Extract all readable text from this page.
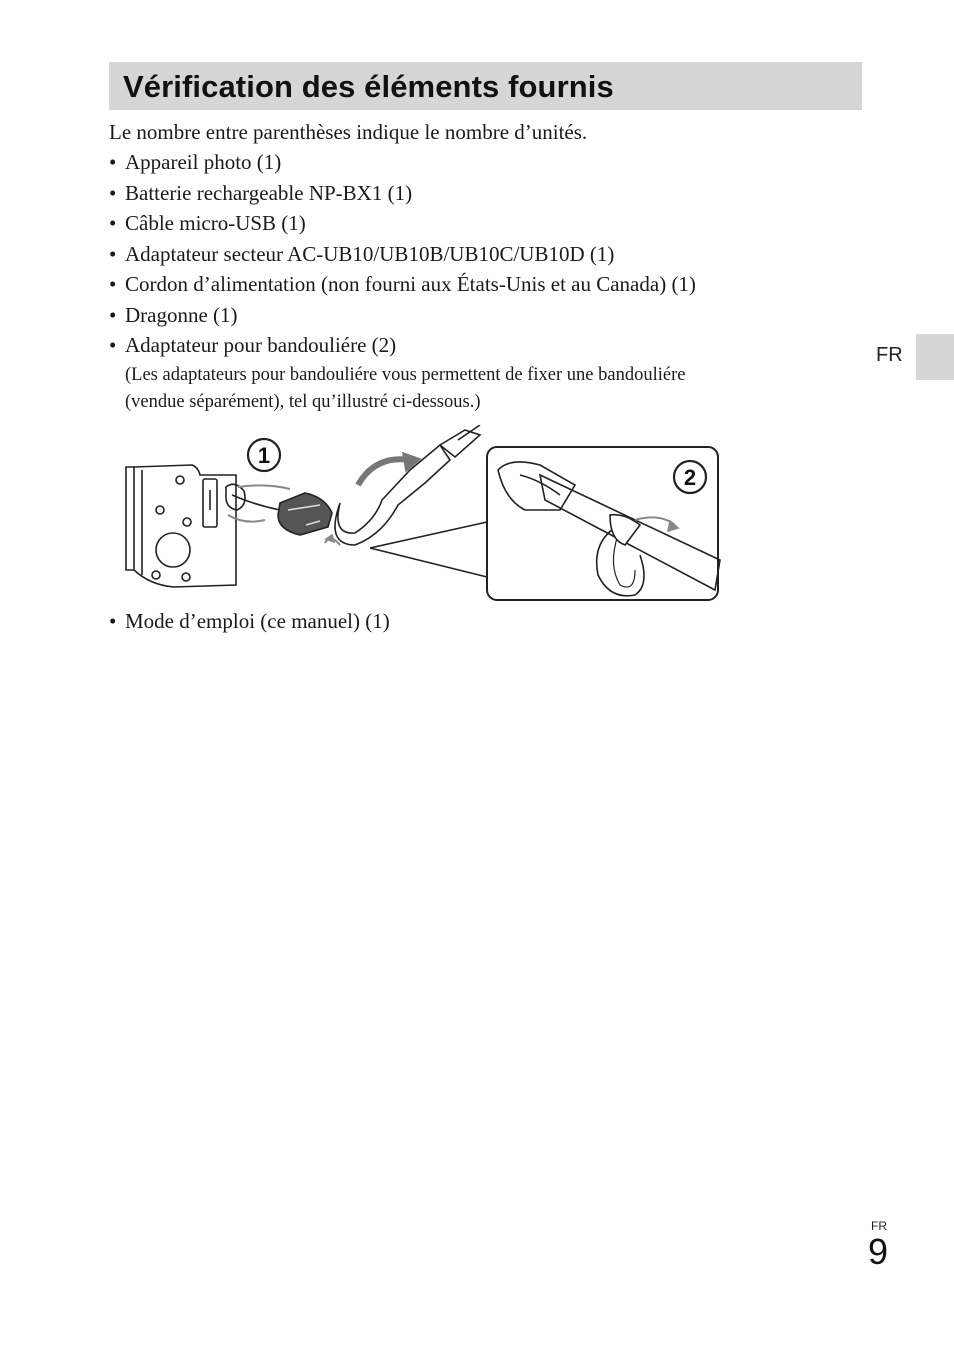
Vérification des éléments fournis
Le nombre entre parenthèses indique le nombre d’unités.
• Appareil photo (1)
• Batterie rechargeable NP-BX1 (1)
• Câble micro-USB (1)
• Adaptateur secteur AC-UB10/UB10B/UB10C/UB10D (1)
• Cordon d’alimentation (non fourni aux États-Unis et au Canada) (1)
• Dragonne (1)
• Adaptateur pour bandouliére (2)
(Les adaptateurs pour bandouliére vous permettent de fixer une bandouliére
(vendue séparément), tel qu’illustré ci-dessous.)
1
2
• Mode d’emploi (ce manuel) (1)
FR
FR
9
